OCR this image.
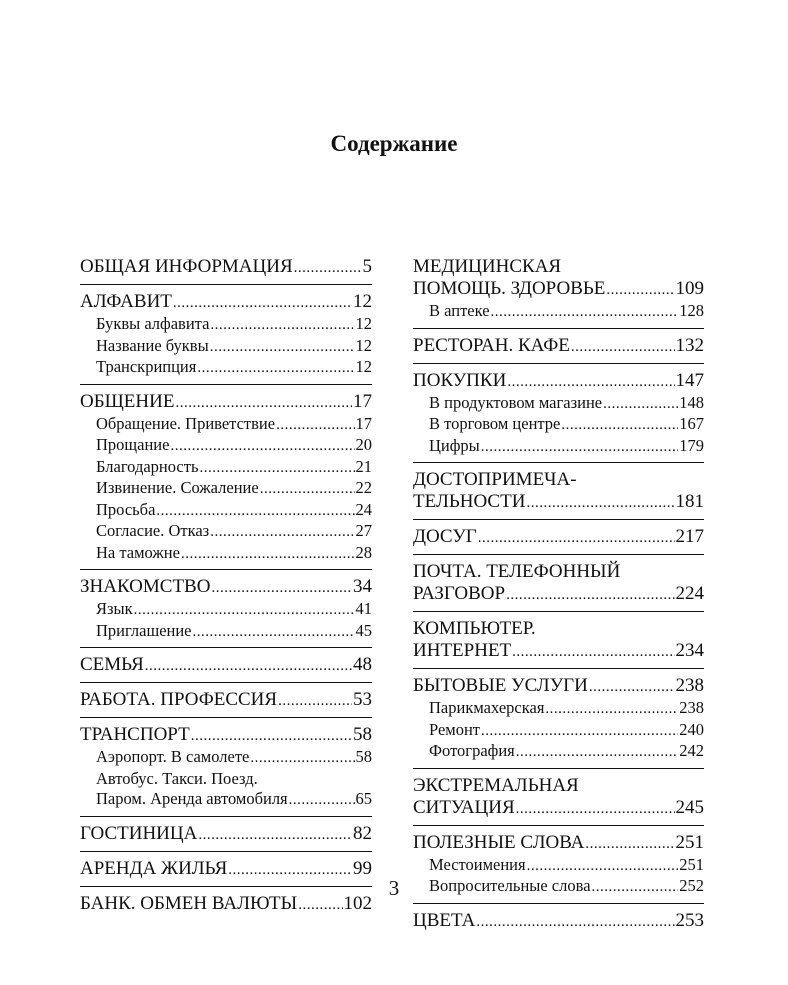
Содержание
ОБЩАЯ ИНФОРМАЦИЯ .....	5
АЛФАВИТ .....	12
Буквы алфавита .....	12
Название буквы .....	12
Транскрипция .....	12
ОБЩЕНИЕ .....	17
Обращение. Приветствие .....	17
Прощание .....	20
Благодарность .....	21
Извинение. Сожаление .....	22
Просьба .....	24
Согласие. Отказ .....	27
На таможне .....	28
ЗНАКОМСТВО .....	34
Язык .....	41
Приглашение .....	45
СЕМЬЯ .....	48
РАБОТА. ПРОФЕССИЯ .....	53
ТРАНСПОРТ .....	58
Аэропорт. В самолете .....	58
Автобус. Такси. Поезд.
Паром. Аренда автомобиля .....	65
ГОСТИНИЦА .....	82
АРЕНДА ЖИЛЬЯ .....	99
БАНК. ОБМЕН ВАЛЮТЫ ..... 102
МЕДИЦИНСКАЯ
ПОМОЩЬ. ЗДОРОВЬЕ .....	109
В аптеке .....	128
РЕСТОРАН. КАФЕ .....	132
ПОКУПКИ .....	147
В продуктовом магазине .....	148
В торговом центре .....	167
Цифры .....	179
ДОСТОПРИМЕЧА-
ТЕЛЬНОСТИ .....	181
ДОСУГ .....	217
ПОЧТА. ТЕЛЕФОННЫЙ
РАЗГОВОР .....	224
КОМПЬЮТЕР.
ИНТЕРНЕТ .....	234
БЫТОВЫЕ УСЛУГИ .....	238
Парикмахерская .....	238
Ремонт .....	240
Фотография .....	242
ЭКСТРЕМАЛЬНАЯ
СИТУАЦИЯ .....	245
ПОЛЕЗНЫЕ СЛОВА .....	251
Местоимения .....	251
Вопросительные слова .....	252
ЦВЕТА .....	253
3
